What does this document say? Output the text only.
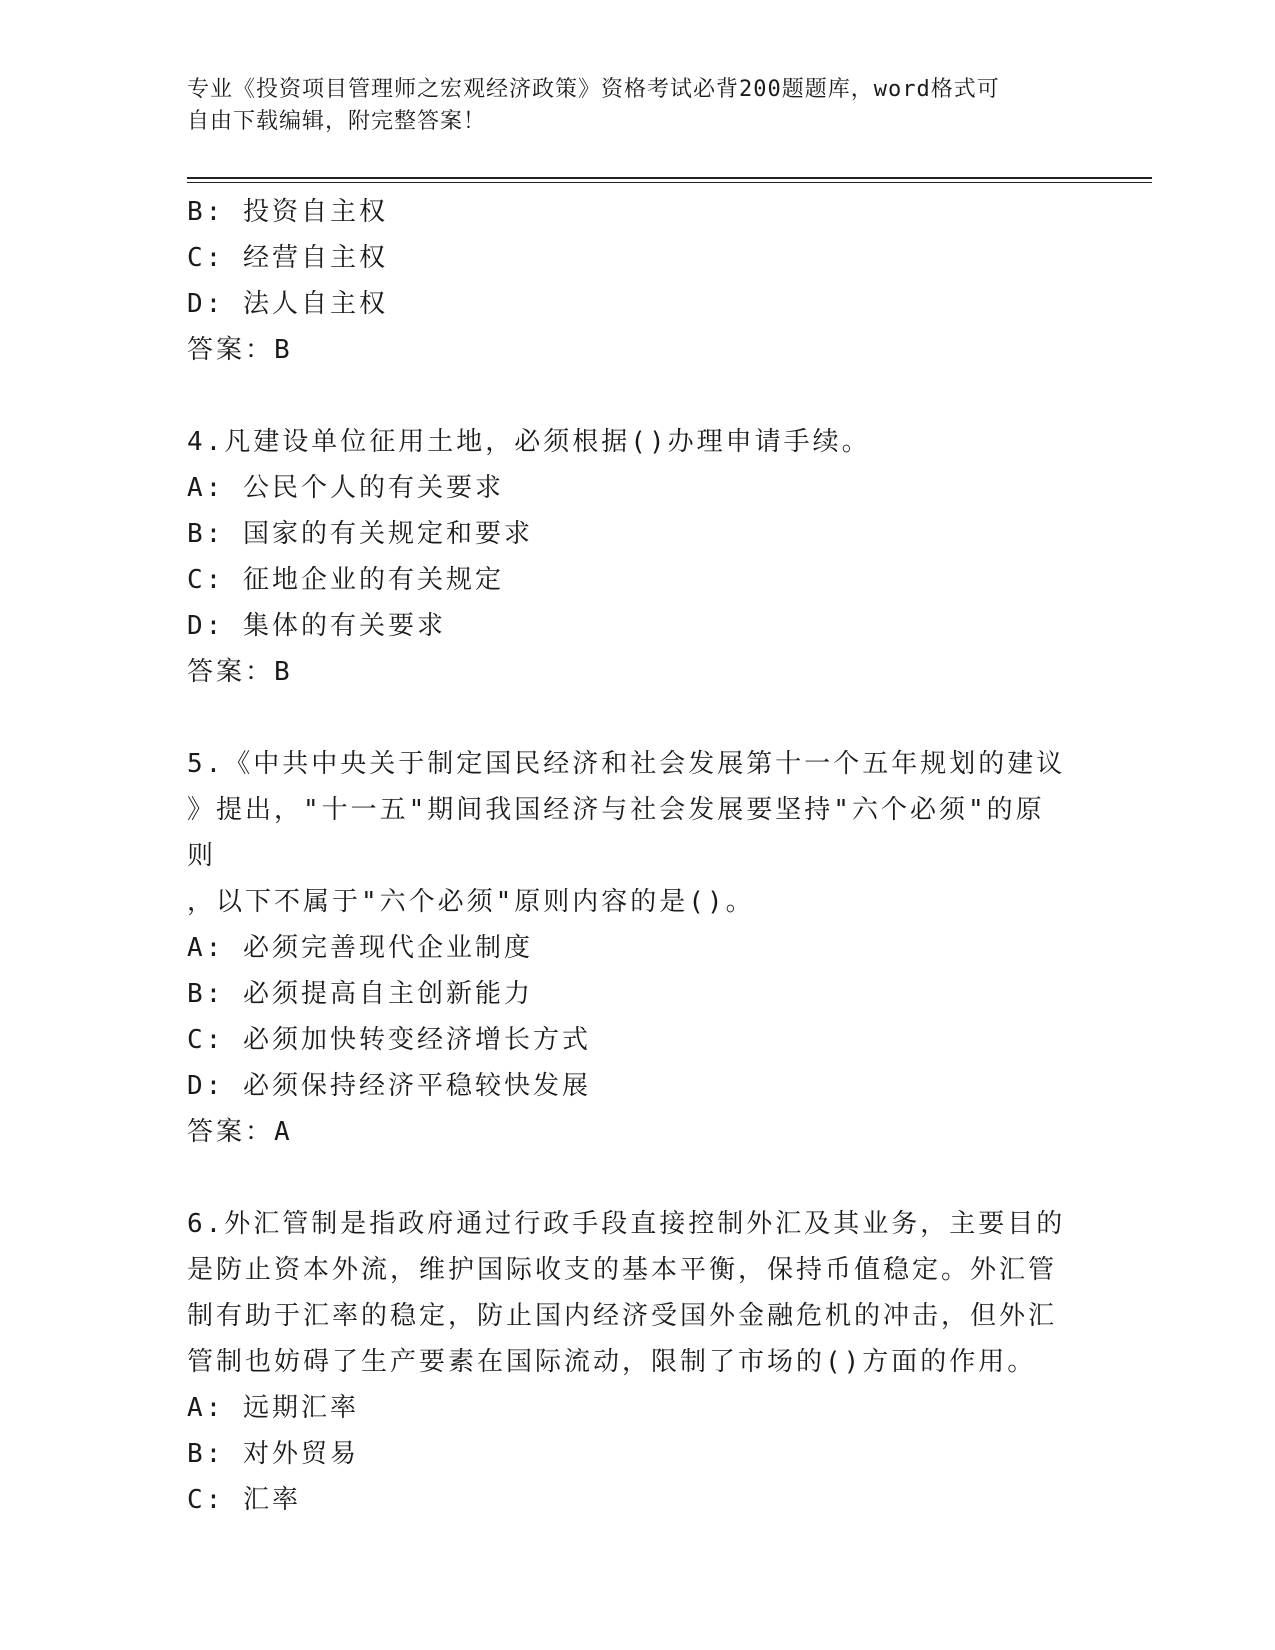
专业《投资项目管理师之宏观经济政策》资格考试必背200题题库，word格式可
自由下载编辑，附完整答案！

B: 投资自主权

C: 经营自主权

D: 法人自主权

答案：B

4.凡建设单位征用土地，必须根据()办理申请手续。

A: 公民个人的有关要求

B: 国家的有关规定和要求

C: 征地企业的有关规定

D: 集体的有关要求

答案：B

5.《中共中央关于制定国民经济和社会发展第十一个五年规划的建议

》提出，"十一五"期间我国经济与社会发展要坚持"六个必须"的原则

，以下不属于"六个必须"原则内容的是()。

A: 必须完善现代企业制度

B: 必须提高自主创新能力

C: 必须加快转变经济增长方式

D: 必须保持经济平稳较快发展

答案：A

6.外汇管制是指政府通过行政手段直接控制外汇及其业务，主要目的

是防止资本外流，维护国际收支的基本平衡，保持币值稳定。外汇管

制有助于汇率的稳定，防止国内经济受国外金融危机的冲击，但外汇

管制也妨碍了生产要素在国际流动，限制了市场的()方面的作用。

A: 远期汇率

B: 对外贸易

C: 汇率
